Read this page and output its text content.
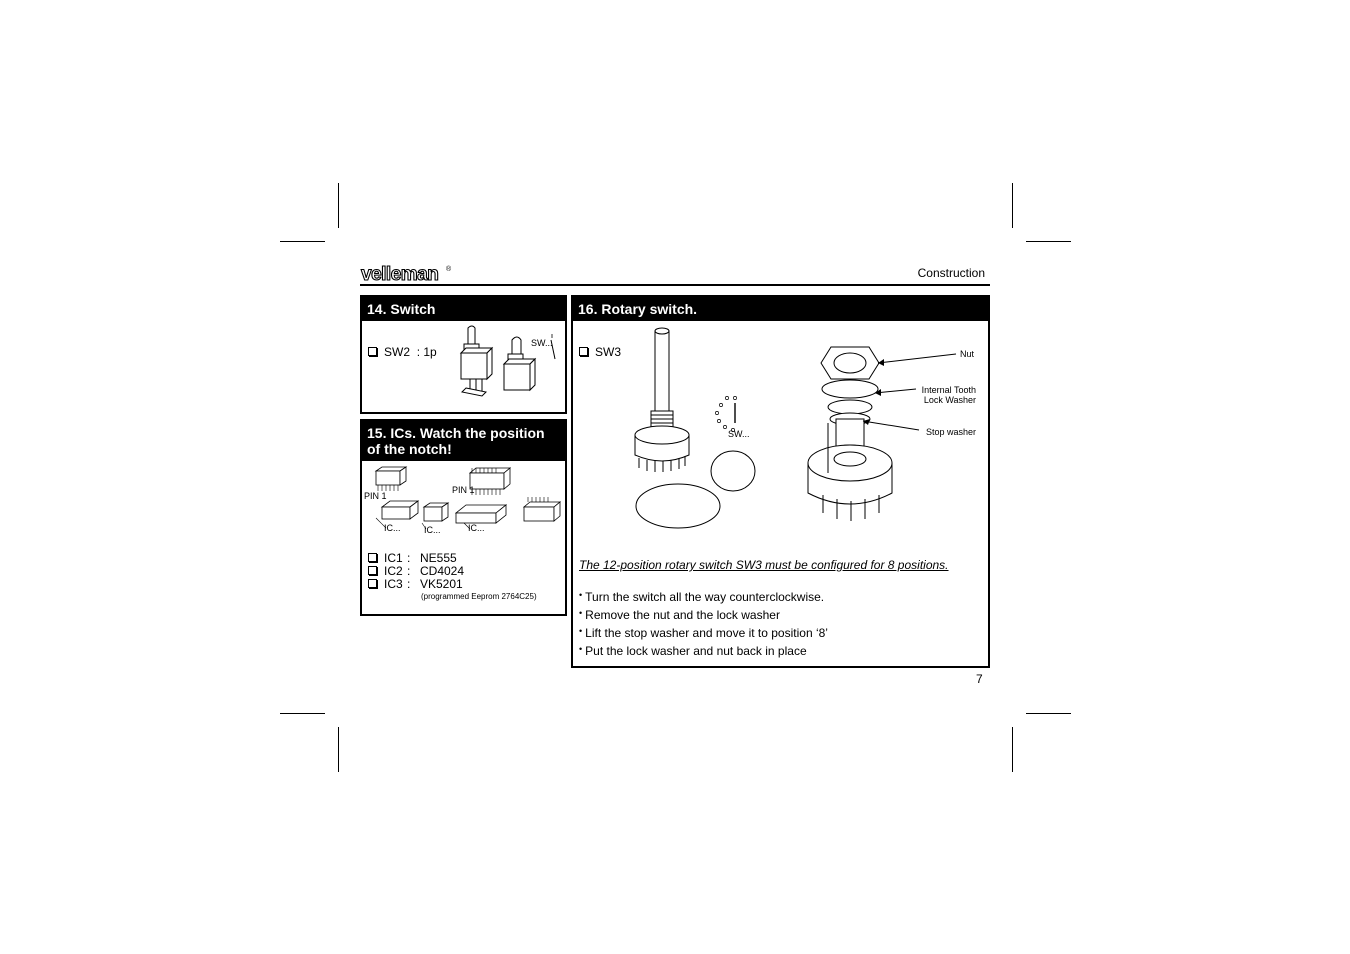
velleman ®	Construction
14. Switch
SW2 : 1p
SW...
15. ICs. Watch the position
of the notch!
PIN 1
PIN 1
IC...	IC...	IC...
IC1 : NE555
IC2 : CD4024
IC3 : VK5201
(programmed Eeprom 2764C25)
16. Rotary switch.
SW3
SW...
Nut
Internal Tooth
Lock Washer
Stop washer
The 12-position rotary switch SW3 must be configured for 8 positions.
• Turn the switch all the way counterclockwise.
• Remove the nut and the lock washer
• Lift the stop washer and move it to position ‘8’
• Put the lock washer and nut back in place
7
